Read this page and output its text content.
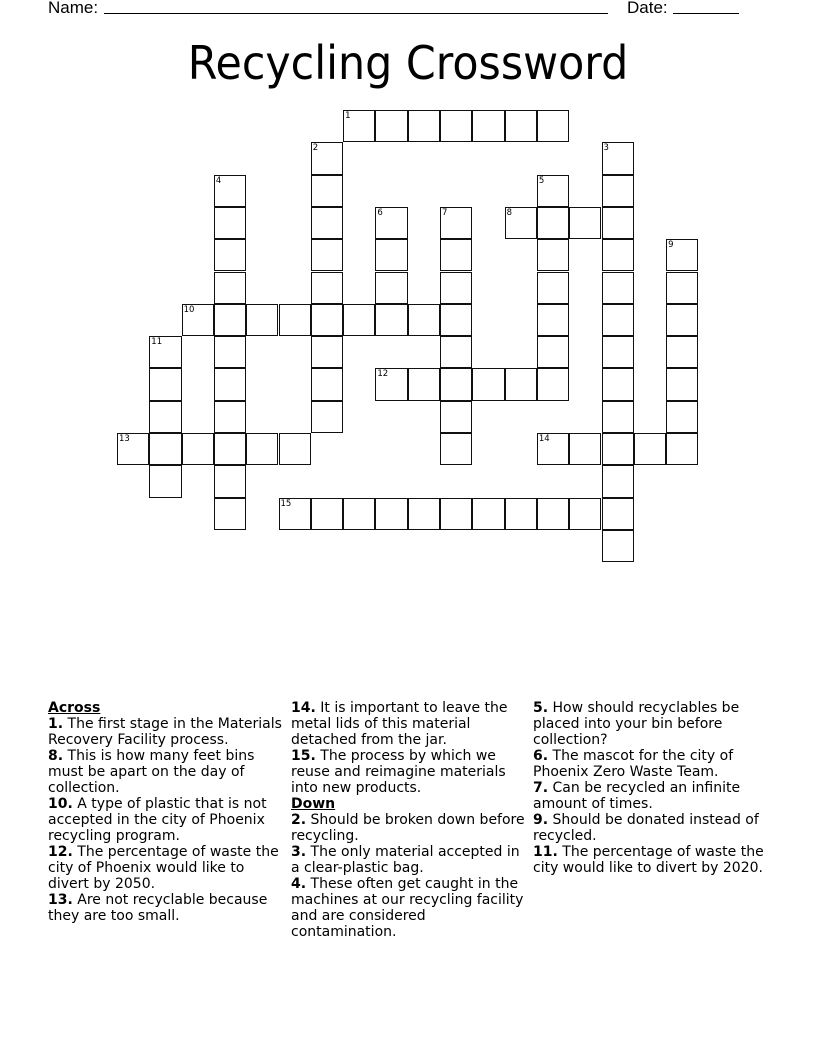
Name:	Date:
Recycling Crossword
1
2	3
4	5
6	7	8
9
10
11
12
13	14
15
Across
1. The first stage in the Materials Recovery Facility process.
8. This is how many feet bins must be apart on the day of collection.
10. A type of plastic that is not accepted in the city of Phoenix recycling program.
12. The percentage of waste the city of Phoenix would like to divert by 2050.
13. Are not recyclable because they are too small.
14. It is important to leave the metal lids of this material detached from the jar.
15. The process by which we reuse and reimagine materials into new products.
Down
2. Should be broken down before recycling.
3. The only material accepted in a clear-plastic bag.
4. These often get caught in the machines at our recycling facility and are considered contamination.
5. How should recyclables be placed into your bin before collection?
6. The mascot for the city of Phoenix Zero Waste Team.
7. Can be recycled an infinite amount of times.
9. Should be donated instead of recycled.
11. The percentage of waste the city would like to divert by 2020.
